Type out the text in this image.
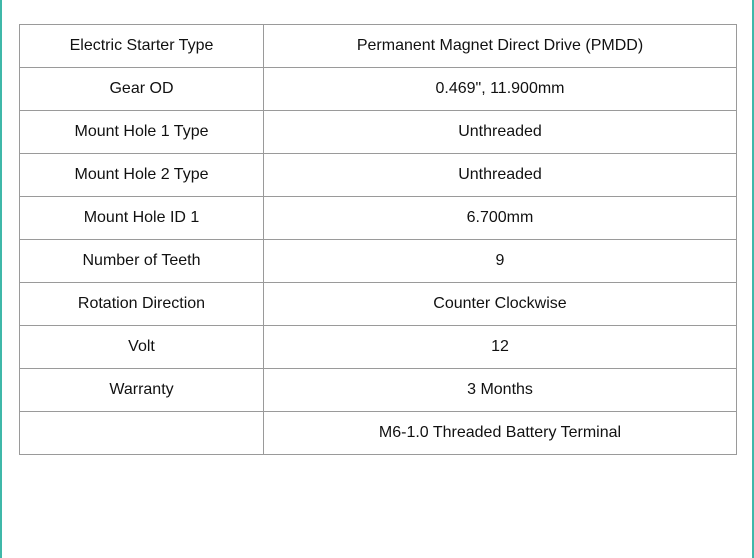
Electric Starter Type	Permanent Magnet Direct Drive (PMDD)
Gear OD	0.469", 11.900mm
Mount Hole 1 Type	Unthreaded
Mount Hole 2 Type	Unthreaded
Mount Hole ID 1	6.700mm
Number of Teeth	9
Rotation Direction	Counter Clockwise
Volt	12
Warranty	3 Months
	M6-1.0 Threaded Battery Terminal
